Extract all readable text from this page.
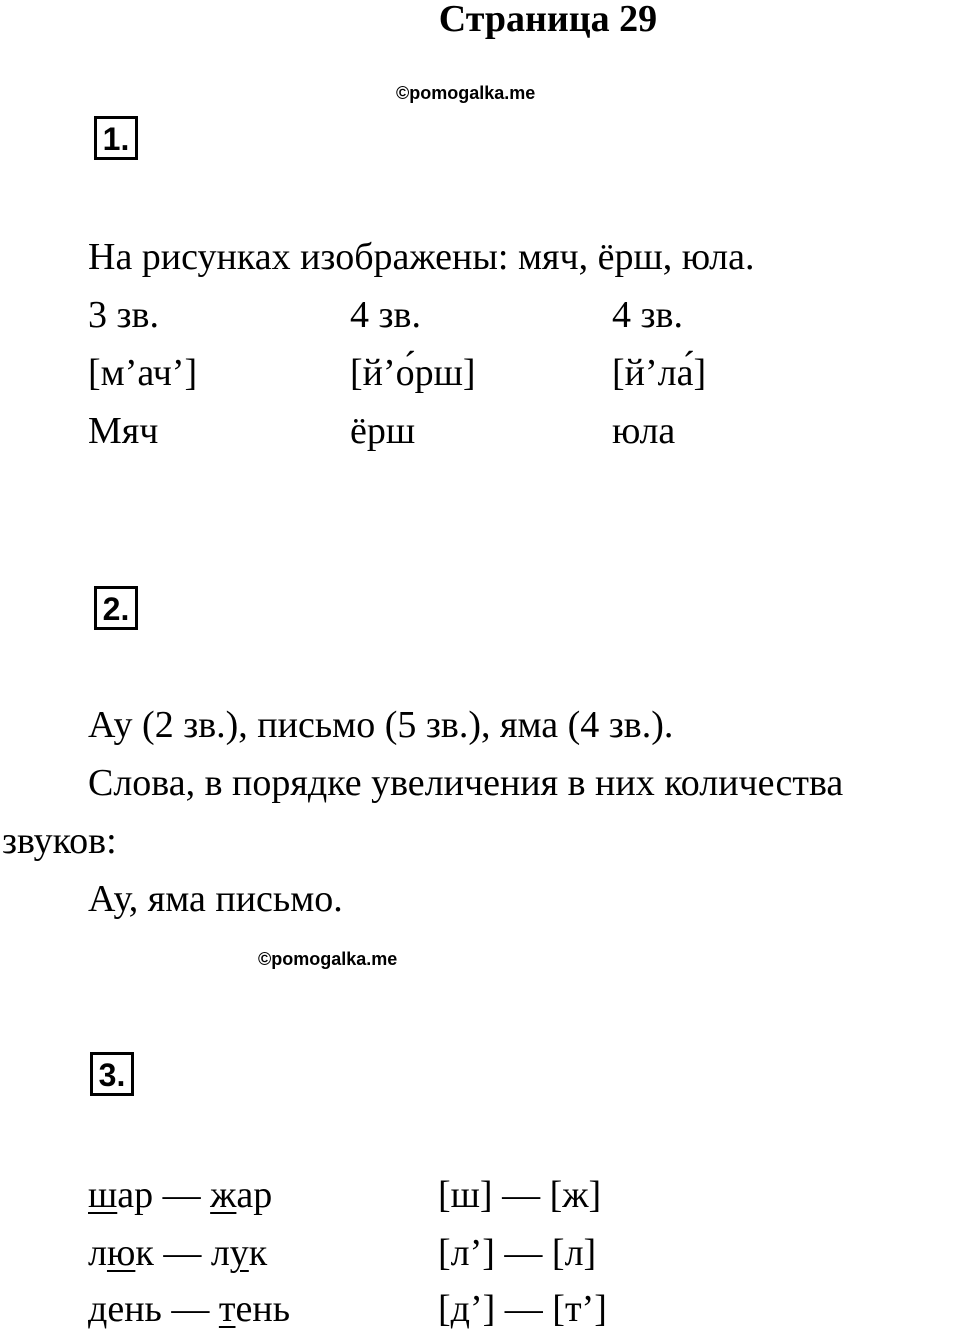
Страница 29
©pomogalka.me
1.
На рисунках изображены: мяч, ёрш, юла.
3 зв.	4 зв.	4 зв.
[м’ач’]	[й’о́рш]	[й’ла́]
Мяч	ёрш	юла
2.
Ау (2 зв.), письмо (5 зв.), яма (4 зв.).
Слова, в порядке увеличения в них количества
звуков:
Ау, яма письмо.
©pomogalka.me
3.
шар — жар	[ш] — [ж]
люк — лук	[л’] — [л]
день — тень	[д’] — [т’]
